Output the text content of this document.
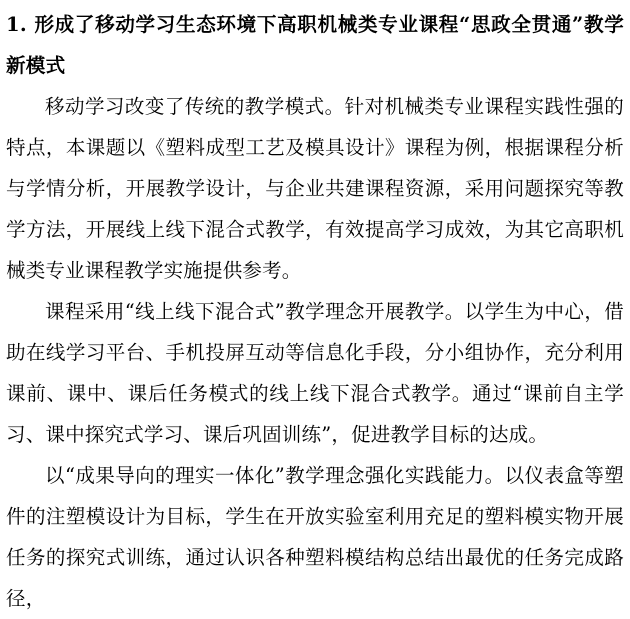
1. 形成了移动学习生态环境下高职机械类专业课程“思政全贯通”教学新模式

移动学习改变了传统的教学模式。针对机械类专业课程实践性强的特点，本课题以《塑料成型工艺及模具设计》课程为例，根据课程分析与学情分析，开展教学设计，与企业共建课程资源，采用问题探究等教学方法，开展线上线下混合式教学，有效提高学习成效，为其它高职机械类专业课程教学实施提供参考。

课程采用“线上线下混合式”教学理念开展教学。以学生为中心，借助在线学习平台、手机投屏互动等信息化手段，分小组协作，充分利用课前、课中、课后任务模式的线上线下混合式教学。通过“课前自主学习、课中探究式学习、课后巩固训练”，促进教学目标的达成。

以“成果导向的理实一体化”教学理念强化实践能力。以仪表盒等塑件的注塑模设计为目标，学生在开放实验室利用充足的塑料模实物开展任务的探究式训练，通过认识各种塑料模结构总结出最优的任务完成路径，
